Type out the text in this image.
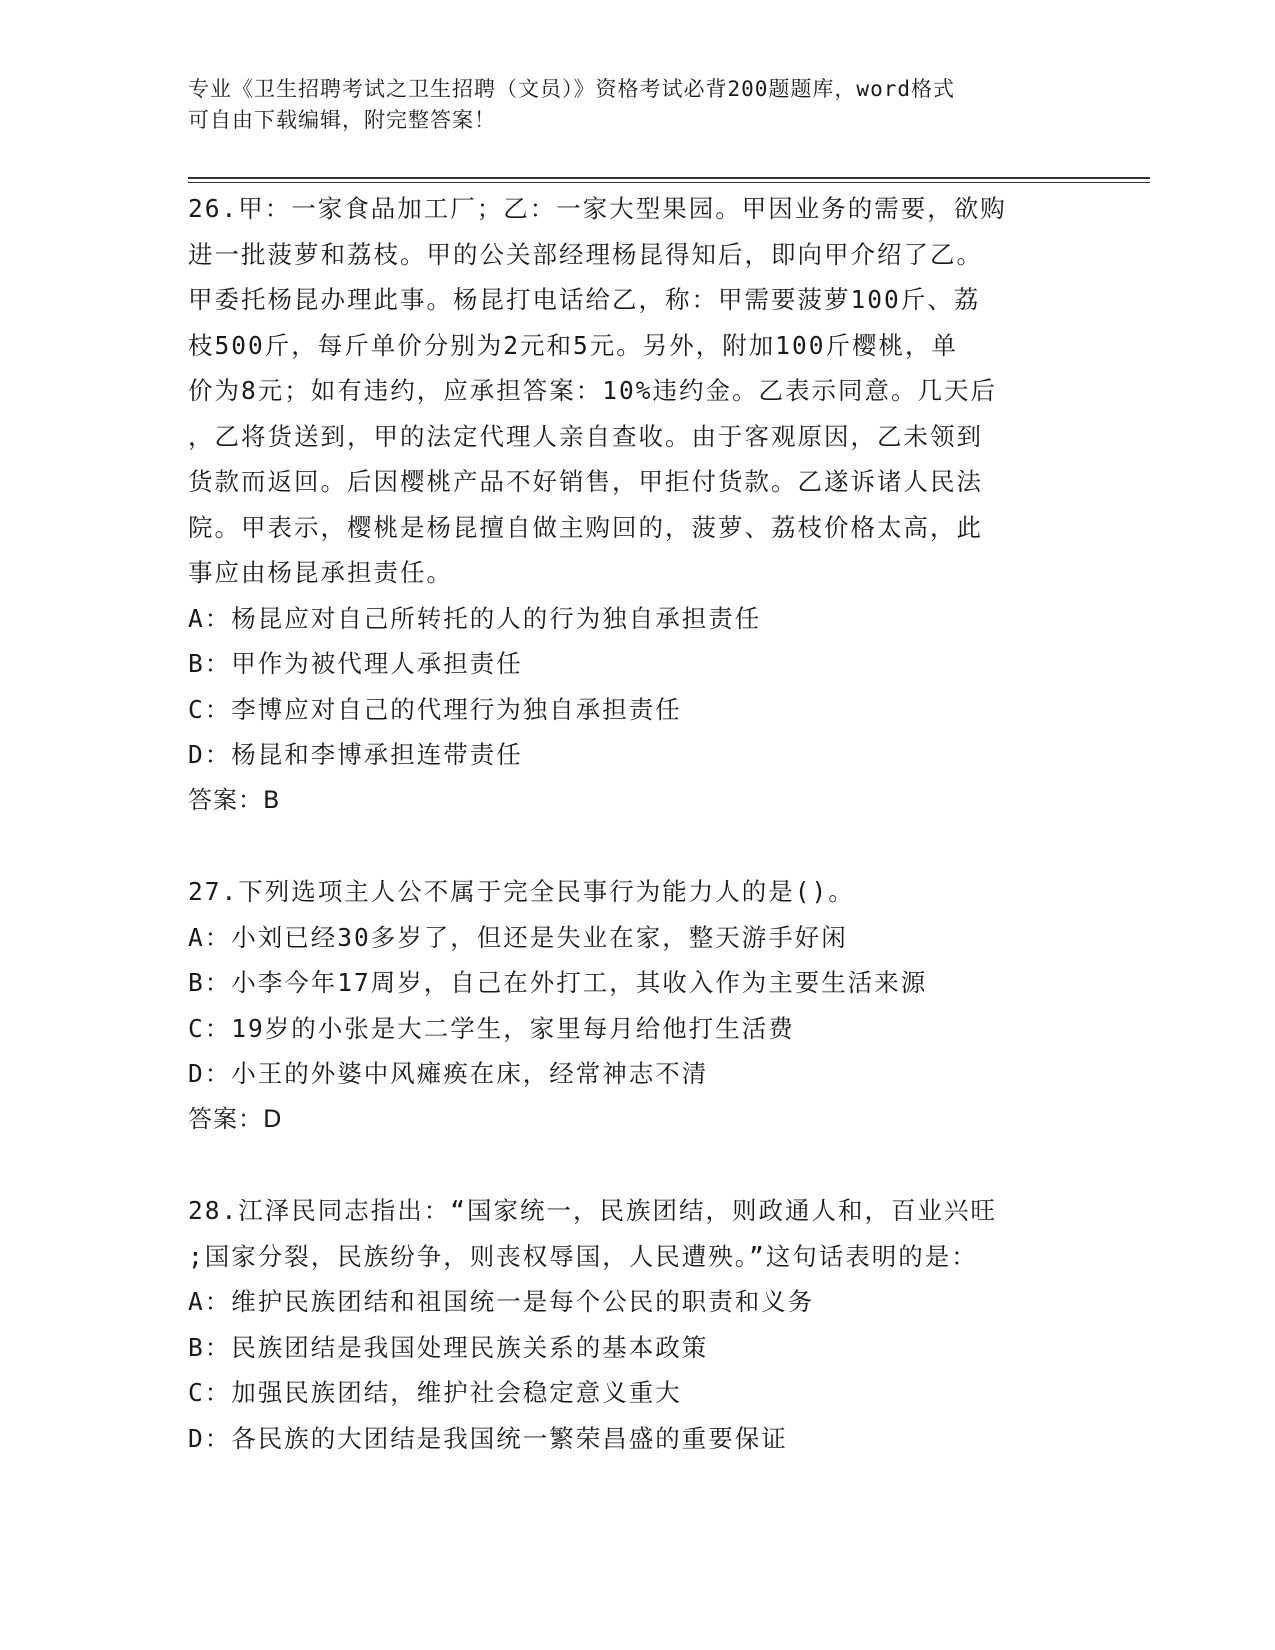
专业《卫生招聘考试之卫生招聘（文员）》资格考试必背200题题库，word格式
可自由下载编辑，附完整答案！
26.甲：一家食品加工厂；乙：一家大型果园。甲因业务的需要，欲购
进一批菠萝和荔枝。甲的公关部经理杨昆得知后，即向甲介绍了乙。
甲委托杨昆办理此事。杨昆打电话给乙，称：甲需要菠萝100斤、荔
枝500斤，每斤单价分别为2元和5元。另外，附加100斤樱桃，单
价为8元；如有违约，应承担答案：10%违约金。乙表示同意。几天后
，乙将货送到，甲的法定代理人亲自查收。由于客观原因，乙未领到
货款而返回。后因樱桃产品不好销售，甲拒付货款。乙遂诉诸人民法
院。甲表示，樱桃是杨昆擅自做主购回的，菠萝、荔枝价格太高，此
事应由杨昆承担责任。
A：杨昆应对自己所转托的人的行为独自承担责任
B：甲作为被代理人承担责任
C：李博应对自己的代理行为独自承担责任
D：杨昆和李博承担连带责任
答案：B
27.下列选项主人公不属于完全民事行为能力人的是()。
A：小刘已经30多岁了，但还是失业在家，整天游手好闲
B：小李今年17周岁，自己在外打工，其收入作为主要生活来源
C：19岁的小张是大二学生，家里每月给他打生活费
D：小王的外婆中风瘫痪在床，经常神志不清
答案：D
28.江泽民同志指出：“国家统一，民族团结，则政通人和，百业兴旺
;国家分裂，民族纷争，则丧权辱国，人民遭殃。”这句话表明的是：
A：维护民族团结和祖国统一是每个公民的职责和义务
B：民族团结是我国处理民族关系的基本政策
C：加强民族团结，维护社会稳定意义重大
D：各民族的大团结是我国统一繁荣昌盛的重要保证
